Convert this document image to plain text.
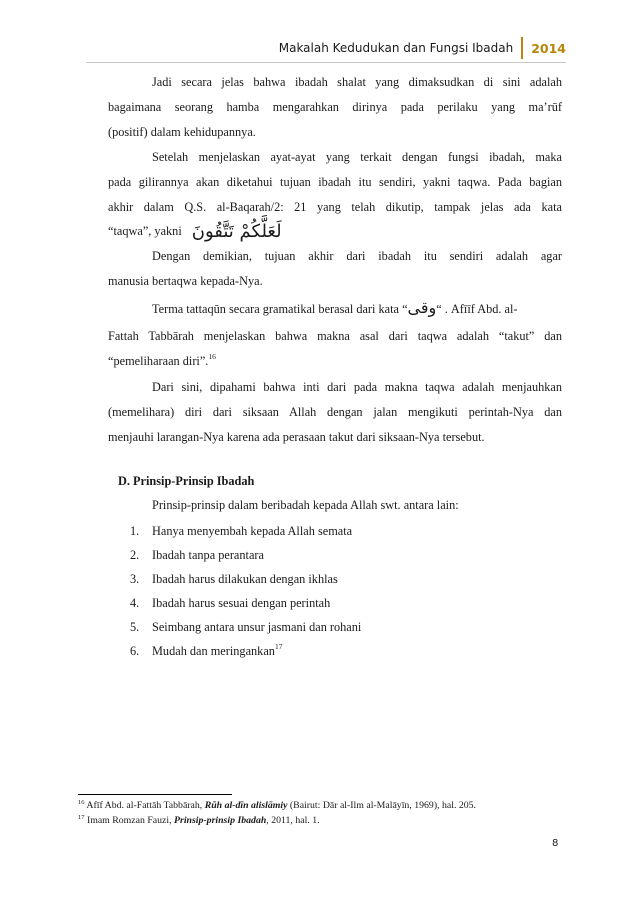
Makalah Kedudukan dan Fungsi Ibadah 2014
Jadi secara jelas bahwa ibadah shalat yang dimaksudkan di sini adalah
bagaimana seorang hamba mengarahkan dirinya pada perilaku yang ma’rūf
(positif) dalam kehidupannya.
Setelah menjelaskan ayat-ayat yang terkait dengan fungsi ibadah, maka
pada gilirannya akan diketahui tujuan ibadah itu sendiri, yakni taqwa. Pada bagian
akhir dalam Q.S. al-Baqarah/2: 21 yang telah dikutip, tampak jelas ada kata
“taqwa”, yakni لَعَلَّكُمْ تَتَّقُونَ
Dengan demikian, tujuan akhir dari ibadah itu sendiri adalah agar
manusia bertaqwa kepada-Nya.
Terma tattaqūn secara gramatikal berasal dari kata “وقى“ . Afīīf Abd. al-
Fattah Tabbārah menjelaskan bahwa makna asal dari taqwa adalah “takut” dan
“pemeliharaan diri”.$^{16}$
Dari sini, dipahami bahwa inti dari pada makna taqwa adalah menjauhkan
(memelihara) diri dari siksaan Allah dengan jalan mengikuti perintah-Nya dan
menjauhi larangan-Nya karena ada perasaan takut dari siksaan-Nya tersebut.
D. Prinsip-Prinsip Ibadah
Prinsip-prinsip dalam beribadah kepada Allah swt. antara lain:
1. Hanya menyembah kepada Allah semata
2. Ibadah tanpa perantara
3. Ibadah harus dilakukan dengan ikhlas
4. Ibadah harus sesuai dengan perintah
5. Seimbang antara unsur jasmani dan rohani
6. Mudah dan meringankan$^{17}$
$^{16}$ Afīf Abd. al-Fattāh Tabbārah, Rūh al-dīn alislāmiy (Bairut: Dār al-Ilm al-Malāyīn, 1969), hal. 205.
$^{17}$ Imam Romzan Fauzi, Prinsip-prinsip Ibadah, 2011, hal. 1.
8
